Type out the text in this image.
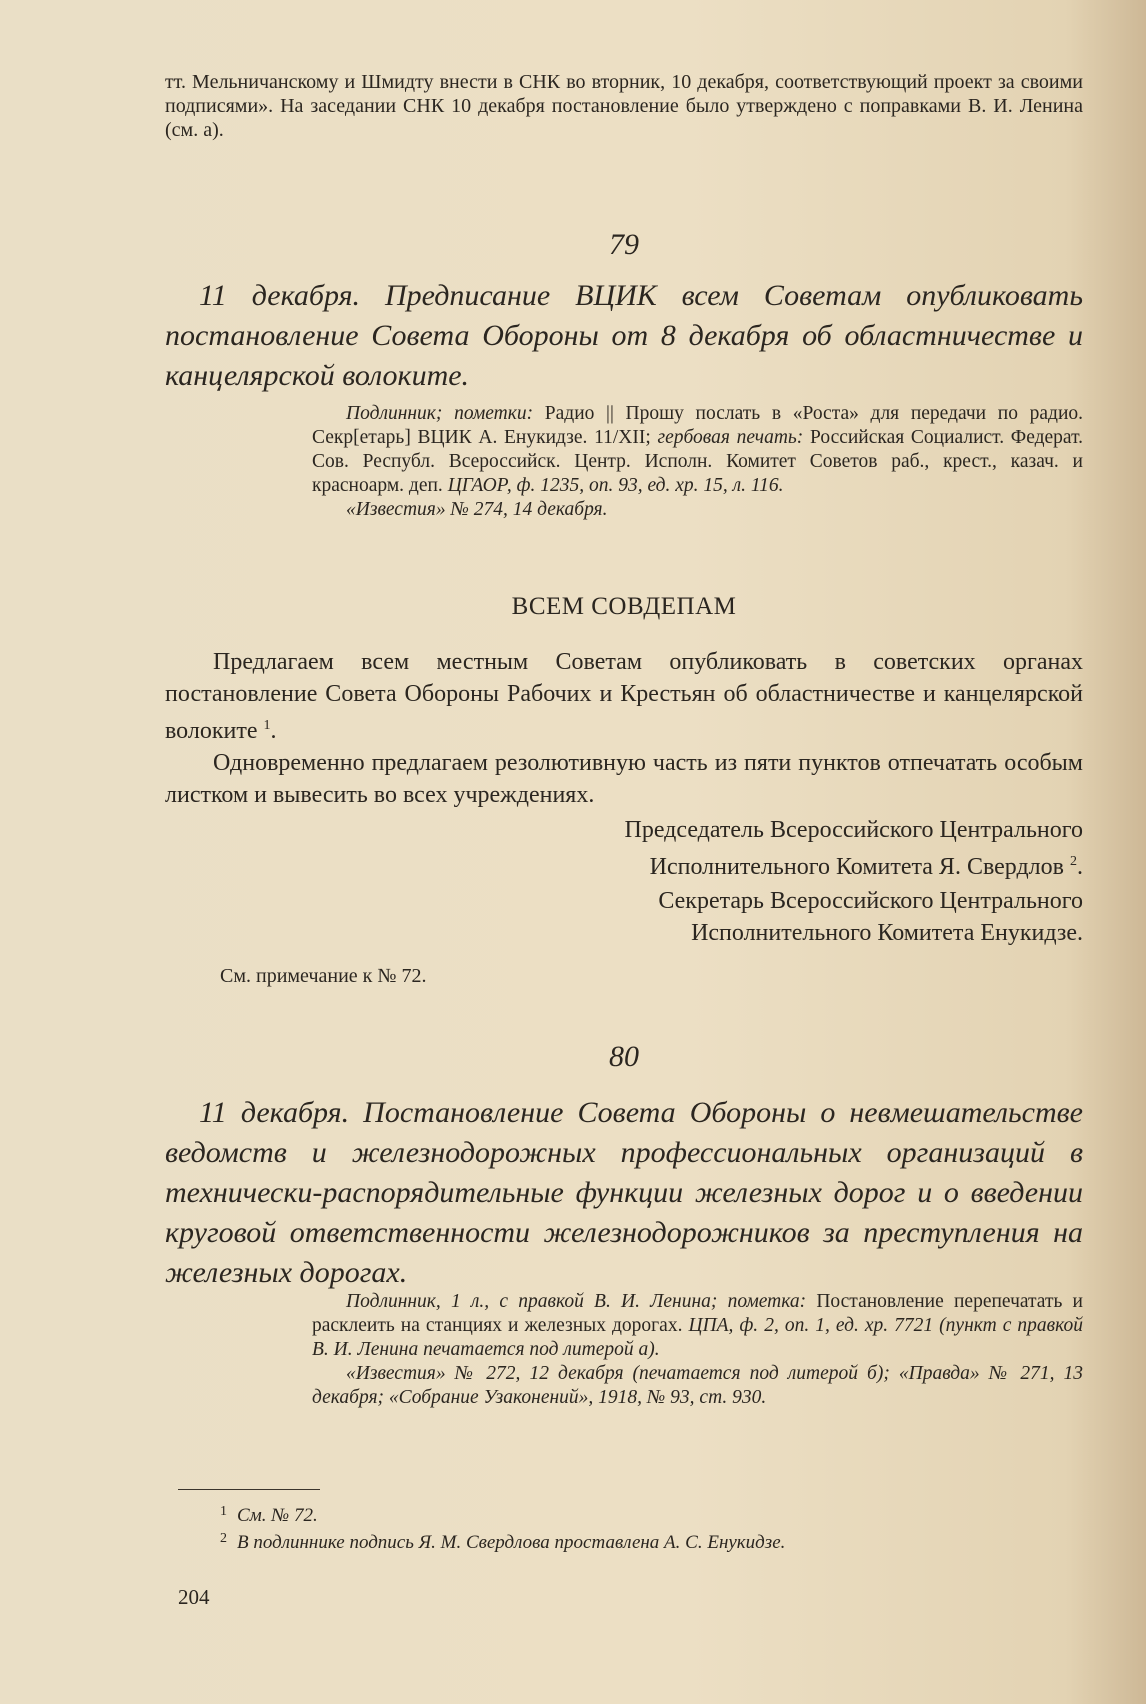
тт. Мельничанскому и Шмидту внести в СНК во вторник, 10 декабря, соответствующий проект за своими подписями». На заседании СНК 10 декабря постановление было утверждено с поправками В. И. Ленина (см. а).
79
11 декабря. Предписание ВЦИК всем Советам опубликовать постановление Совета Обороны от 8 декабря об областничестве и канцелярской волоките.

Подлинник; пометки: Радио || Прошу послать в «Роста» для передачи по радио. Секр[етарь] ВЦИК А. Енукидзе. 11/XII; гербовая печать: Российская Социалист. Федерат. Сов. Республ. Всероссийск. Центр. Исполн. Комитет Советов раб., крест., казач. и красноарм. деп. ЦГАОР, ф. 1235, оп. 93, ед. хр. 15, л. 116.

«Известия» № 274, 14 декабря.

ВСЕМ СОВДЕПАМ

Предлагаем всем местным Советам опубликовать в советских органах постановление Совета Обороны Рабочих и Крестьян об областничестве и канцелярской волоките $^1$.

Одновременно предлагаем резолютивную часть из пяти пунктов отпечатать особым листком и вывесить во всех учреждениях.

Председатель Всероссийского Центрального
Исполнительного Комитета Я. Свердлов $^2$.
Секретарь Всероссийского Центрального
Исполнительного Комитета Енукидзе.
См. примечание к № 72.
80
11 декабря. Постановление Совета Обороны о невмешательстве ведомств и железнодорожных профессиональных организаций в технически-распорядительные функции железных дорог и о введении круговой ответственности железнодорожников за преступления на железных дорогах.

Подлинник, 1 л., с правкой В. И. Ленина; пометка: Постановление перепечатать и расклеить на станциях и железных дорогах. ЦПА, ф. 2, оп. 1, ед. хр. 7721 (пункт с правкой В. И. Ленина печатается под литерой а).

«Известия» № 272, 12 декабря (печатается под литерой б); «Правда» № 271, 13 декабря; «Собрание Узаконений», 1918, № 93, ст. 930.

$^1$ См. № 72.
$^2$ В подлиннике подпись Я. М. Свердлова проставлена А. С. Енукидзе.
204
